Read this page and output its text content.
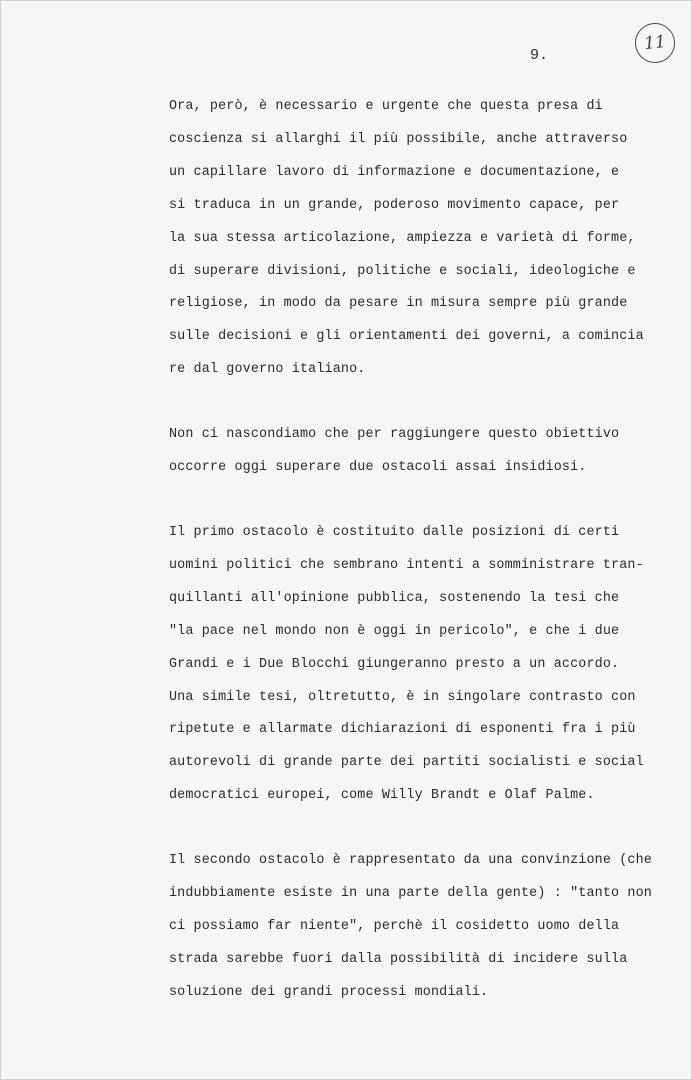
9.
11

Ora, però, è necessario e urgente che questa presa di
coscienza si allarghi il più possibile, anche attraverso
un capillare lavoro di informazione e documentazione, e
si traduca in un grande, poderoso movimento capace, per
la sua stessa articolazione, ampiezza e varietà di forme,
di superare divisioni, politiche e sociali, ideologiche e
religiose, in modo da pesare in misura sempre più grande
sulle decisioni e gli orientamenti dei governi, a comincia
re dal governo italiano.

Non ci nascondiamo che per raggiungere questo obiettivo
occorre oggi superare due ostacoli assai insidiosi.

Il primo ostacolo è costituito dalle posizioni di certi
uomini politici che sembrano intenti a somministrare tran-
quillanti all'opinione pubblica, sostenendo la tesi che
"la pace nel mondo non è oggi in pericolo", e che i due
Grandi e i Due Blocchi giungeranno presto a un accordo.
Una simile tesi, oltretutto, è in singolare contrasto con
ripetute e allarmate dichiarazioni di esponenti fra i più
autorevoli di grande parte dei partiti socialisti e social
democratici europei, come Willy Brandt e Olaf Palme.

Il secondo ostacolo è rappresentato da una convinzione (che
indubbiamente esiste in una parte della gente) : "tanto non
ci possiamo far niente", perchè il cosidetto uomo della
strada sarebbe fuori dalla possibilità di incidere sulla
soluzione dei grandi processi mondiali.
